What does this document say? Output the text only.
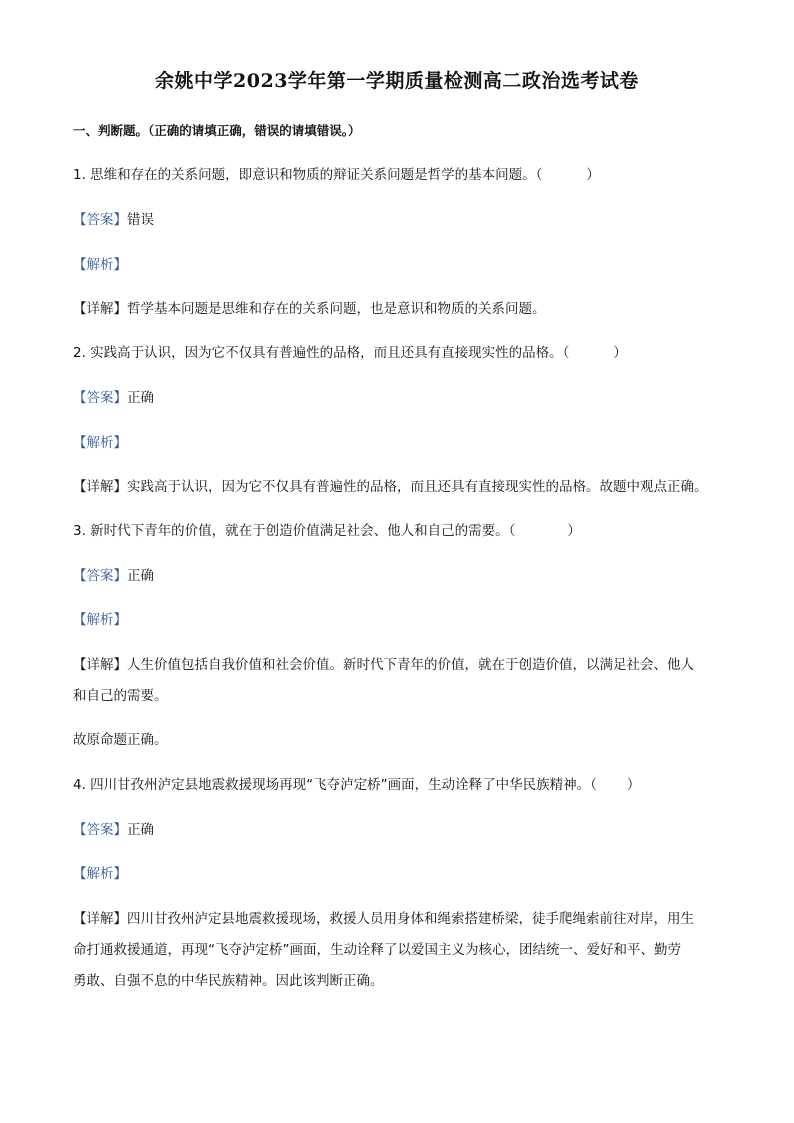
余姚中学2023学年第一学期质量检测高二政治选考试卷
一、判断题。（正确的请填正确，错误的请填错误。）
1. 思维和存在的关系问题，即意识和物质的辩证关系问题是哲学的基本问题。（	）
【答案】错误
【解析】
【详解】哲学基本问题是思维和存在的关系问题，也是意识和物质的关系问题。
2. 实践高于认识，因为它不仅具有普遍性的品格，而且还具有直接现实性的品格。（	）
【答案】正确
【解析】
【详解】实践高于认识，因为它不仅具有普遍性的品格，而且还具有直接现实性的品格。故题中观点正确。
3. 新时代下青年的价值，就在于创造价值满足社会、他人和自己的需要。（	）
【答案】正确
【解析】
【详解】人生价值包括自我价值和社会价值。新时代下青年的价值，就在于创造价值，以满足社会、他人
和自己的需要。
故原命题正确。
4. 四川甘孜州泸定县地震救援现场再现“飞夺泸定桥”画面，生动诠释了中华民族精神。（ ）
【答案】正确
【解析】
【详解】四川甘孜州泸定县地震救援现场，救援人员用身体和绳索搭建桥梁，徒手爬绳索前往对岸，用生
命打通救援通道，再现“飞夺泸定桥”画面，生动诠释了以爱国主义为核心，团结统一、爱好和平、勤劳
勇敢、自强不息的中华民族精神。因此该判断正确。
